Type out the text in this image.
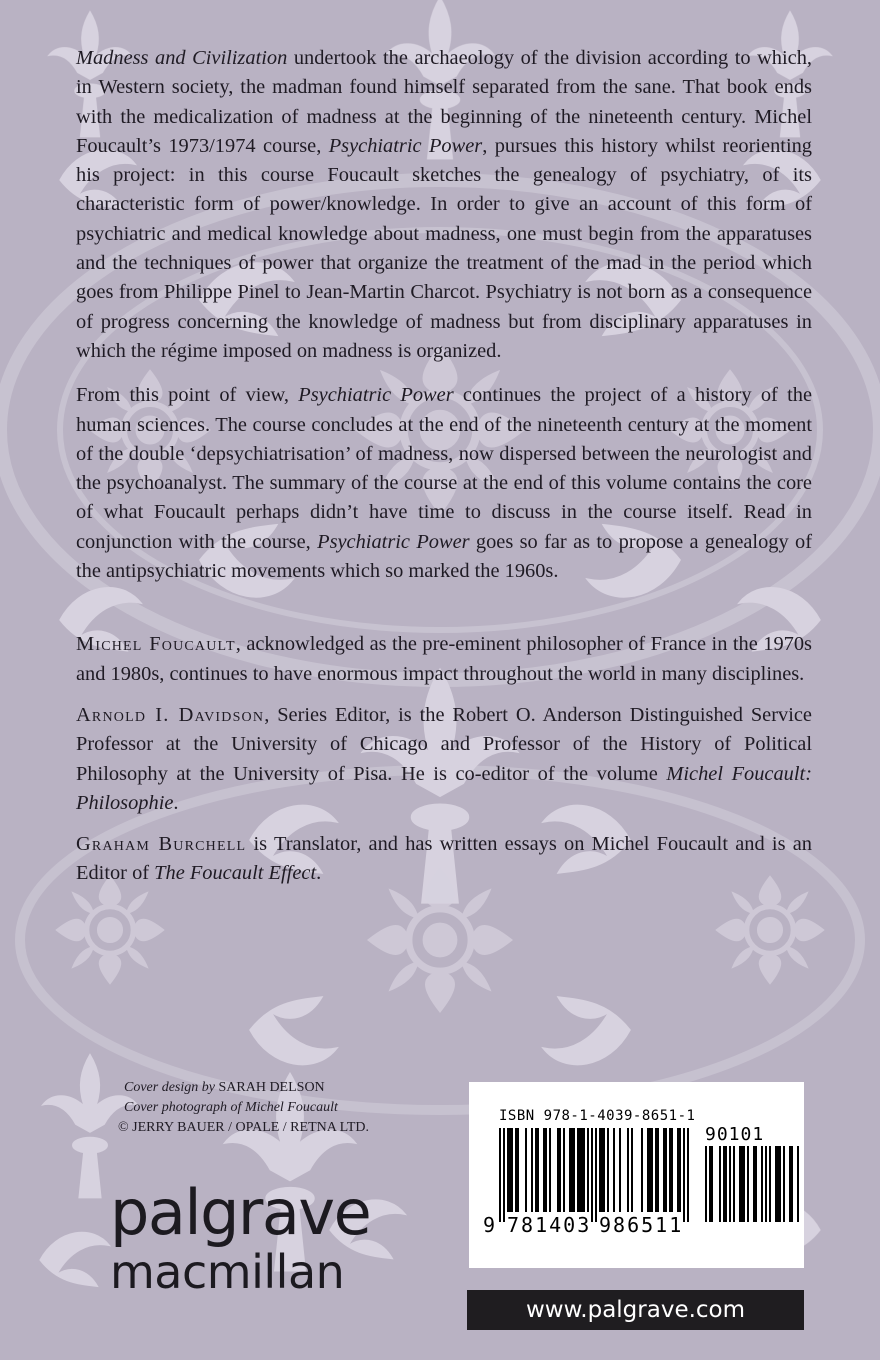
Madness and Civilization undertook the archaeology of the division according to which, in Western society, the madman found himself separated from the sane. That book ends with the medicalization of madness at the beginning of the nineteenth century. Michel Foucault’s 1973/1974 course, Psychiatric Power, pursues this history whilst reorienting his project: in this course Foucault sketches the genealogy of psychiatry, of its characteristic form of power/knowledge. In order to give an account of this form of psychiatric and medical knowledge about madness, one must begin from the apparatuses and the techniques of power that organize the treatment of the mad in the period which goes from Philippe Pinel to Jean-Martin Charcot. Psychiatry is not born as a consequence of progress concerning the knowledge of madness but from disciplinary apparatuses in which the régime imposed on madness is organized.

From this point of view, Psychiatric Power continues the project of a history of the human sciences. The course concludes at the end of the nineteenth century at the moment of the double ‘depsychiatrisation’ of madness, now dispersed between the neurologist and the psychoanalyst. The summary of the course at the end of this volume contains the core of what Foucault perhaps didn’t have time to discuss in the course itself. Read in conjunction with the course, Psychiatric Power goes so far as to propose a genealogy of the antipsychiatric movements which so marked the 1960s.

Michel Foucault, acknowledged as the pre-eminent philosopher of France in the 1970s and 1980s, continues to have enormous impact throughout the world in many disciplines.

Arnold I. Davidson, Series Editor, is the Robert O. Anderson Distinguished Service Professor at the University of Chicago and Professor of the History of Political Philosophy at the University of Pisa. He is co-editor of the volume Michel Foucault: Philosophie.

Graham Burchell is Translator, and has written essays on Michel Foucault and is an Editor of The Foucault Effect.

Cover design by SARAH DELSON
Cover photograph of Michel Foucault
© JERRY BAUER / OPALE / RETNA LTD.
palgrave
macmillan
9 781403 986511
90101
ISBN 978-1-40​39-8651-1
www.palgrave.com
